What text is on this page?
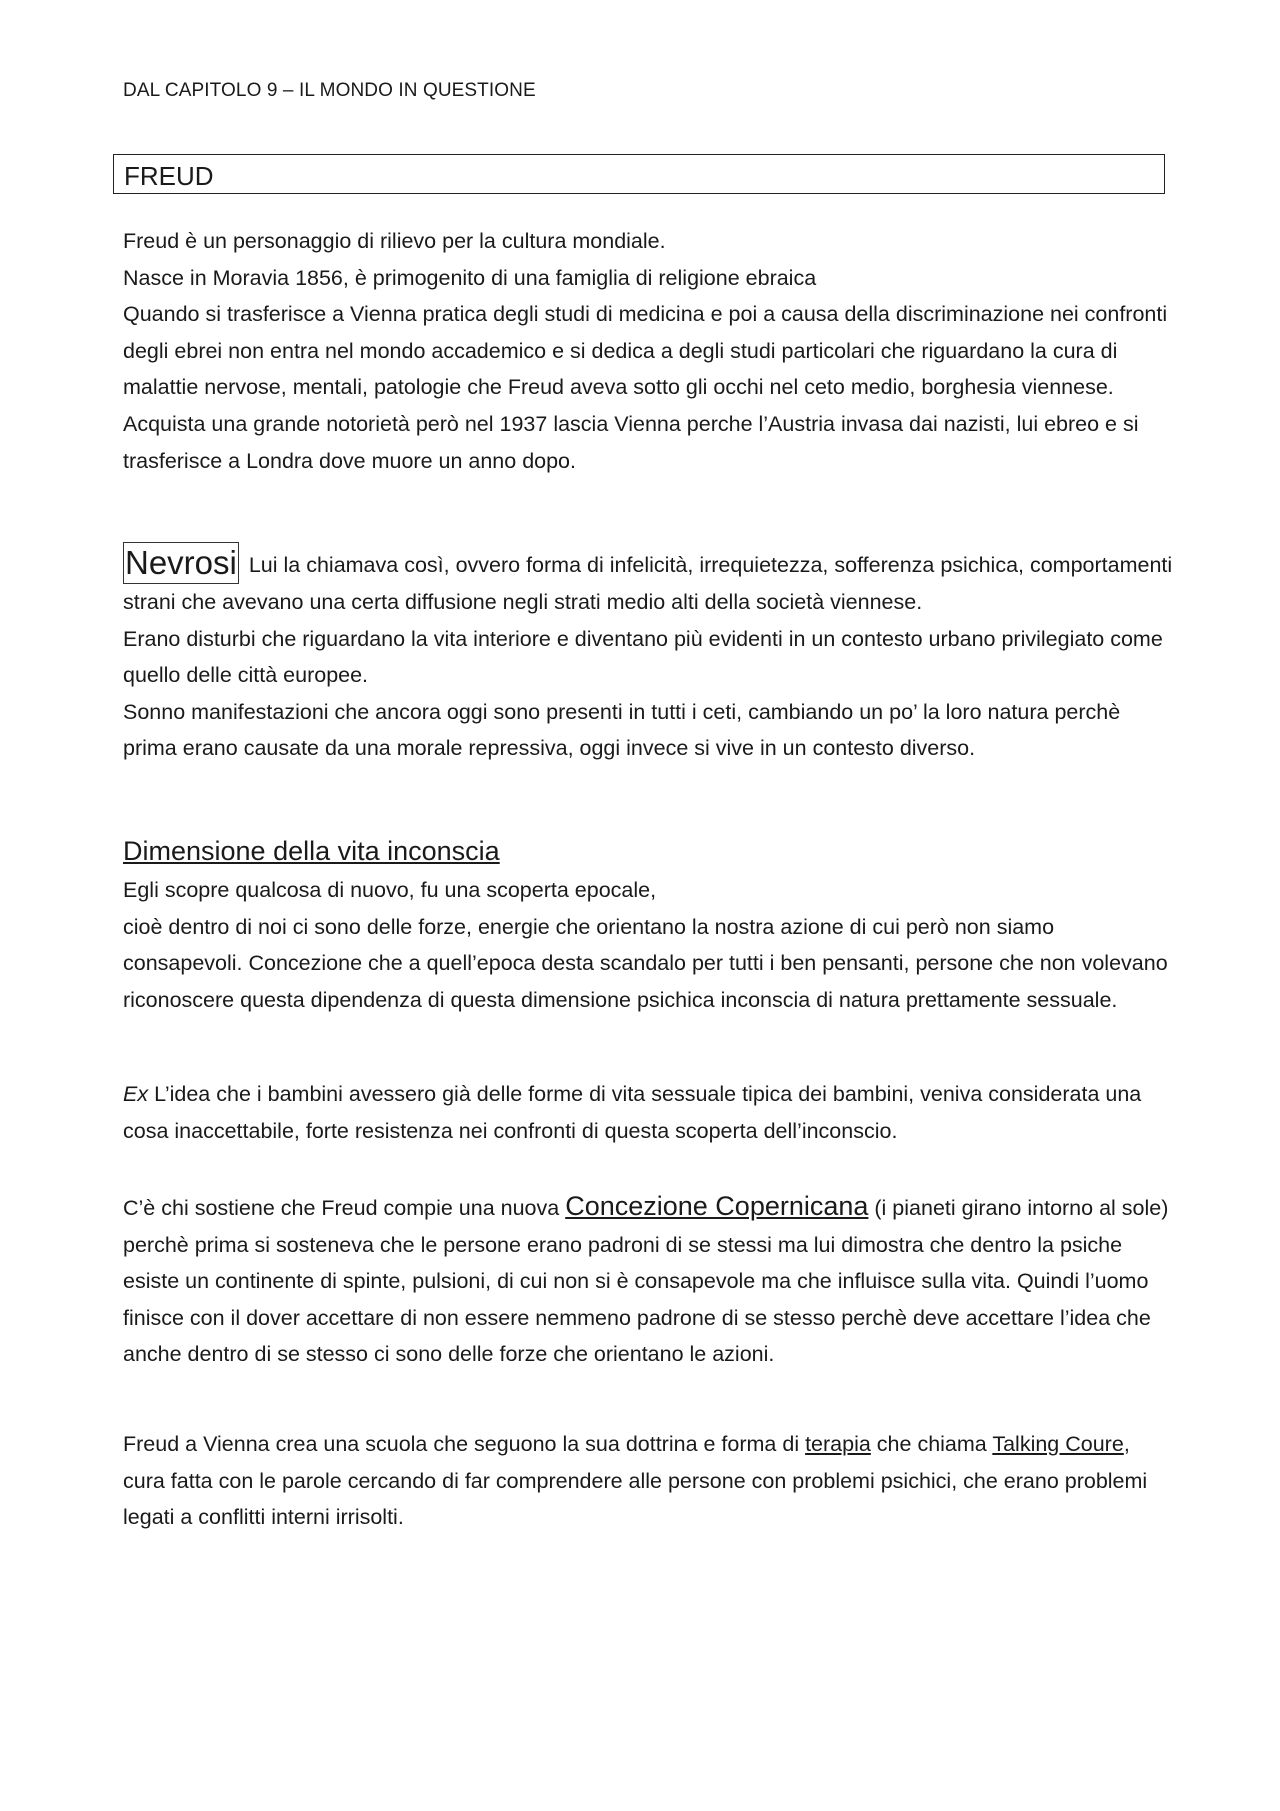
DAL CAPITOLO 9 – IL MONDO IN QUESTIONE
FREUD

Freud è un personaggio di rilievo per la cultura mondiale.

Nasce in Moravia 1856, è primogenito di una famiglia di religione ebraica

Quando si trasferisce a Vienna pratica degli studi di medicina e poi a causa della discriminazione nei confronti degli ebrei non entra nel mondo accademico e si dedica a degli studi particolari che riguardano la cura di malattie nervose, mentali, patologie che Freud aveva sotto gli occhi nel ceto medio, borghesia viennese.

Acquista una grande notorietà però nel 1937 lascia Vienna perche l’Austria invasa dai nazisti, lui ebreo e si trasferisce a Londra dove muore un anno dopo.

Nevrosi Lui la chiamava così, ovvero forma di infelicità, irrequietezza, sofferenza psichica, comportamenti strani che avevano una certa diffusione negli strati medio alti della società viennese.

Erano disturbi che riguardano la vita interiore e diventano più evidenti in un contesto urbano privilegiato come quello delle città europee.

Sonno manifestazioni che ancora oggi sono presenti in tutti i ceti, cambiando un po’ la loro natura perchè prima erano causate da una morale repressiva, oggi invece si vive in un contesto diverso.

Dimensione della vita inconscia

Egli scopre qualcosa di nuovo, fu una scoperta epocale,

cioè dentro di noi ci sono delle forze, energie che orientano la nostra azione di cui però non siamo consapevoli. Concezione che a quell’epoca desta scandalo per tutti i ben pensanti, persone che non volevano riconoscere questa dipendenza di questa dimensione psichica inconscia di natura prettamente sessuale.

Ex L’idea che i bambini avessero già delle forme di vita sessuale tipica dei bambini, veniva considerata una cosa inaccettabile, forte resistenza nei confronti di questa scoperta dell’inconscio.

C’è chi sostiene che Freud compie una nuova Concezione Copernicana (i pianeti girano intorno al sole) perchè prima si sosteneva che le persone erano padroni di se stessi ma lui dimostra che dentro la psiche esiste un continente di spinte, pulsioni, di cui non si è consapevole ma che influisce sulla vita. Quindi l’uomo finisce con il dover accettare di non essere nemmeno padrone di se stesso perchè deve accettare l’idea che anche dentro di se stesso ci sono delle forze che orientano le azioni.

Freud a Vienna crea una scuola che seguono la sua dottrina e forma di terapia che chiama Talking Coure, cura fatta con le parole cercando di far comprendere alle persone con problemi psichici, che erano problemi legati a conflitti interni irrisolti.
